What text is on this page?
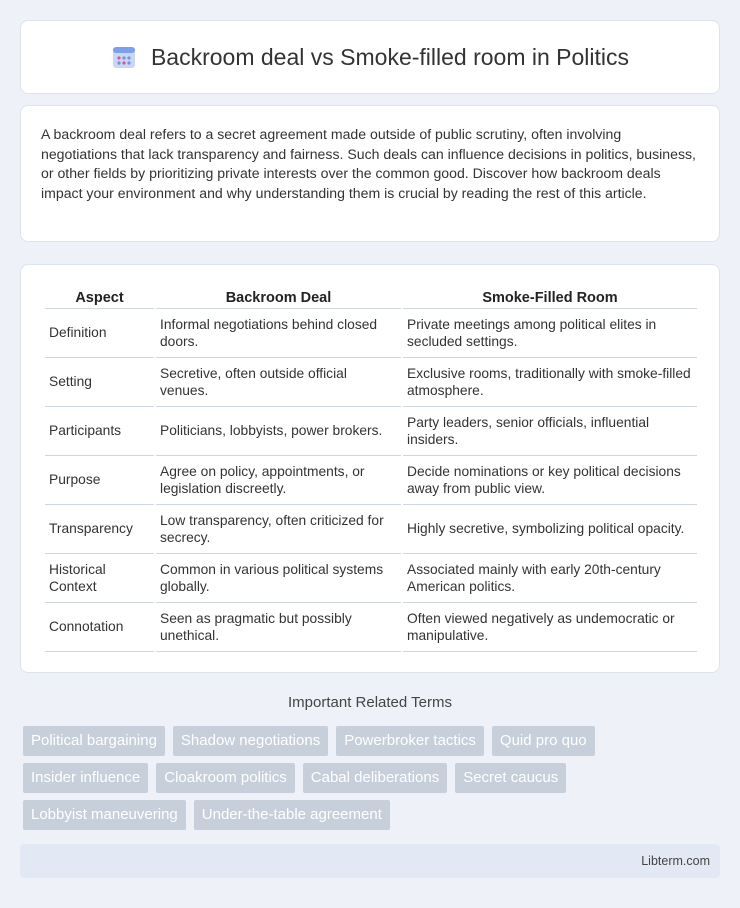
Backroom deal vs Smoke-filled room in Politics

A backroom deal refers to a secret agreement made outside of public scrutiny, often involving negotiations that lack transparency and fairness. Such deals can influence decisions in politics, business, or other fields by prioritizing private interests over the common good. Discover how backroom deals impact your environment and why understanding them is crucial by reading the rest of this article.

Aspect	Backroom Deal	Smoke-Filled Room
Definition	Informal negotiations behind closed doors.	Private meetings among political elites in secluded settings.
Setting	Secretive, often outside official venues.	Exclusive rooms, traditionally with smoke-filled atmosphere.
Participants	Politicians, lobbyists, power brokers.	Party leaders, senior officials, influential insiders.
Purpose	Agree on policy, appointments, or legislation discreetly.	Decide nominations or key political decisions away from public view.
Transparency	Low transparency, often criticized for secrecy.	Highly secretive, symbolizing political opacity.
Historical Context	Common in various political systems globally.	Associated mainly with early 20th-century American politics.
Connotation	Seen as pragmatic but possibly unethical.	Often viewed negatively as undemocratic or manipulative.
Important Related Terms
Political bargaining	Shadow negotiations	Powerbroker tactics	Quid pro quo
Insider influence	Cloakroom politics	Cabal deliberations	Secret caucus
Lobbyist maneuvering	Under-the-table agreement
Libterm.com
